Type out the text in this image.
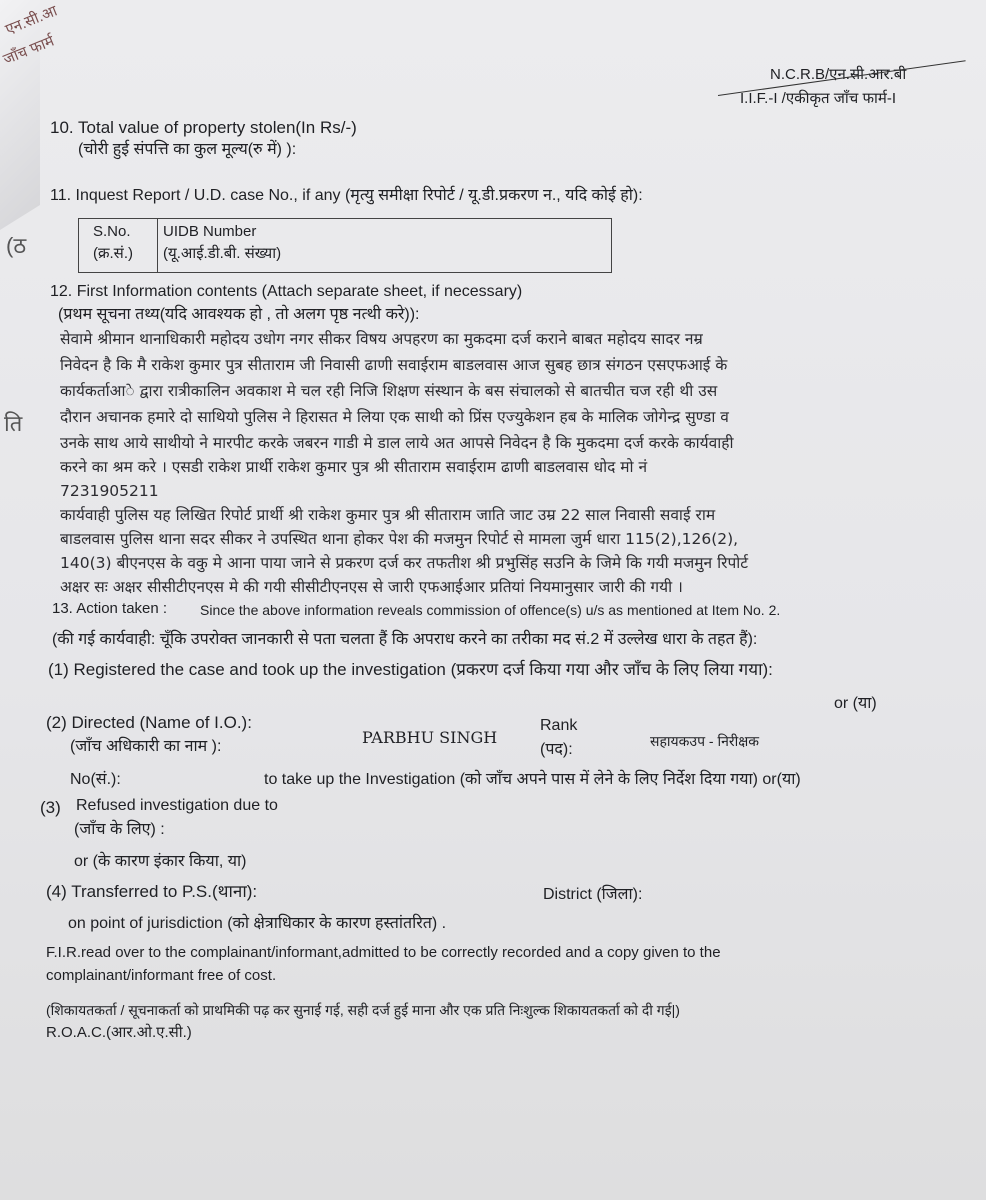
एन.सी.आ
जाँच फार्म
(ठ
ति
N.C.R.B/एन.सी.आर.बी
I.I.F.-I /एकीकृत जाँच फार्म-I
10. Total value of property stolen(In Rs/-)
(चोरी हुई संपत्ति का कुल मूल्य(रु में) ):
11. Inquest Report / U.D. case No., if any (मृत्यु समीक्षा रिपोर्ट / यू.डी.प्रकरण न., यदि कोई हो):
S.No.
(क्र.सं.)
UIDB Number
(यू.आई.डी.बी. संख्या)
12. First Information contents (Attach separate sheet, if necessary)
(प्रथम सूचना तथ्य(यदि आवश्यक हो , तो अलग पृष्ठ नत्थी करे)):
सेवामे श्रीमान थानाधिकारी महोदय उधोग नगर सीकर विषय अपहरण का मुकदमा दर्ज कराने बाबत महोदय सादर नम्र
निवेदन है कि मै राकेश कुमार पुत्र सीताराम जी निवासी ढाणी सवाईराम बाडलवास आज सुबह छात्र संगठन एसएफआई के
कार्यकर्ताआे द्वारा रात्रीकालिन अवकाश मे चल रही निजि शिक्षण संस्थान के बस संचालको से बातचीत चज रही थी उस
दौरान अचानक हमारे दो साथियो पुलिस ने हिरासत मे लिया एक साथी को प्रिंस एज्युकेशन हब के मालिक जोगेन्द्र सुण्डा व
उनके साथ आये साथीयो ने मारपीट करके जबरन गाडी मे डाल लाये अत आपसे निवेदन है कि मुकदमा दर्ज करके कार्यवाही
करने का श्रम करे । एसडी राकेश प्रार्थी राकेश कुमार पुत्र श्री सीताराम सवाईराम ढाणी बाडलवास धोद मो नं
7231905211
कार्यवाही पुलिस यह लिखित रिपोर्ट प्रार्थी श्री राकेश कुमार पुत्र श्री सीताराम जाति जाट उम्र 22 साल निवासी सवाई राम
बाडलवास पुलिस थाना सदर सीकर ने उपस्थित थाना होकर पेश की मजमुन रिपोर्ट से मामला जुर्म धारा 115(2),126(2),
140(3) बीएनएस के वकु मे आना पाया जाने से प्रकरण दर्ज कर तफतीश श्री प्रभुसिंह सउनि के जिमे कि गयी मजमुन रिपोर्ट
अक्षर सः अक्षर सीसीटीएनएस मे की गयी सीसीटीएनएस से जारी एफआईआर प्रतियां नियमानुसार जारी की गयी ।
13. Action taken : Since the above information reveals commission of offence(s) u/s as mentioned at Item No. 2.
(की गई कार्यवाही: चूँकि उपरोक्त जानकारी से पता चलता हैं कि अपराध करने का तरीका मद सं.2 में उल्लेख धारा के तहत हैं):
(1) Registered the case and took up the investigation (प्रकरण दर्ज किया गया और जाँच के लिए लिया गया):
or (या)
(2) Directed (Name of I.O.):
(जाँच अधिकारी का नाम ):	PARBHU SINGH
Rank
(पद):	सहायकउप - निरीक्षक
No(सं.):	to take up the Investigation (को जाँच अपने पास में लेने के लिए निर्देश दिया गया) or(या)
(3) Refused investigation due to
(जाँच के लिए) :
or (के कारण इंकार किया, या)
(4) Transferred to P.S.(थाना):	District (जिला):
on point of jurisdiction (को क्षेत्राधिकार के कारण हस्तांतरित) .
F.I.R.read over to the complainant/informant,admitted to be correctly recorded and a copy given to the
complainant/informant free of cost.
(शिकायतकर्ता / सूचनाकर्ता को प्राथमिकी पढ़ कर सुनाई गई, सही दर्ज हुई माना और एक प्रति निःशुल्क शिकायतकर्ता को दी गई|)
R.O.A.C.(आर.ओ.ए.सी.)
